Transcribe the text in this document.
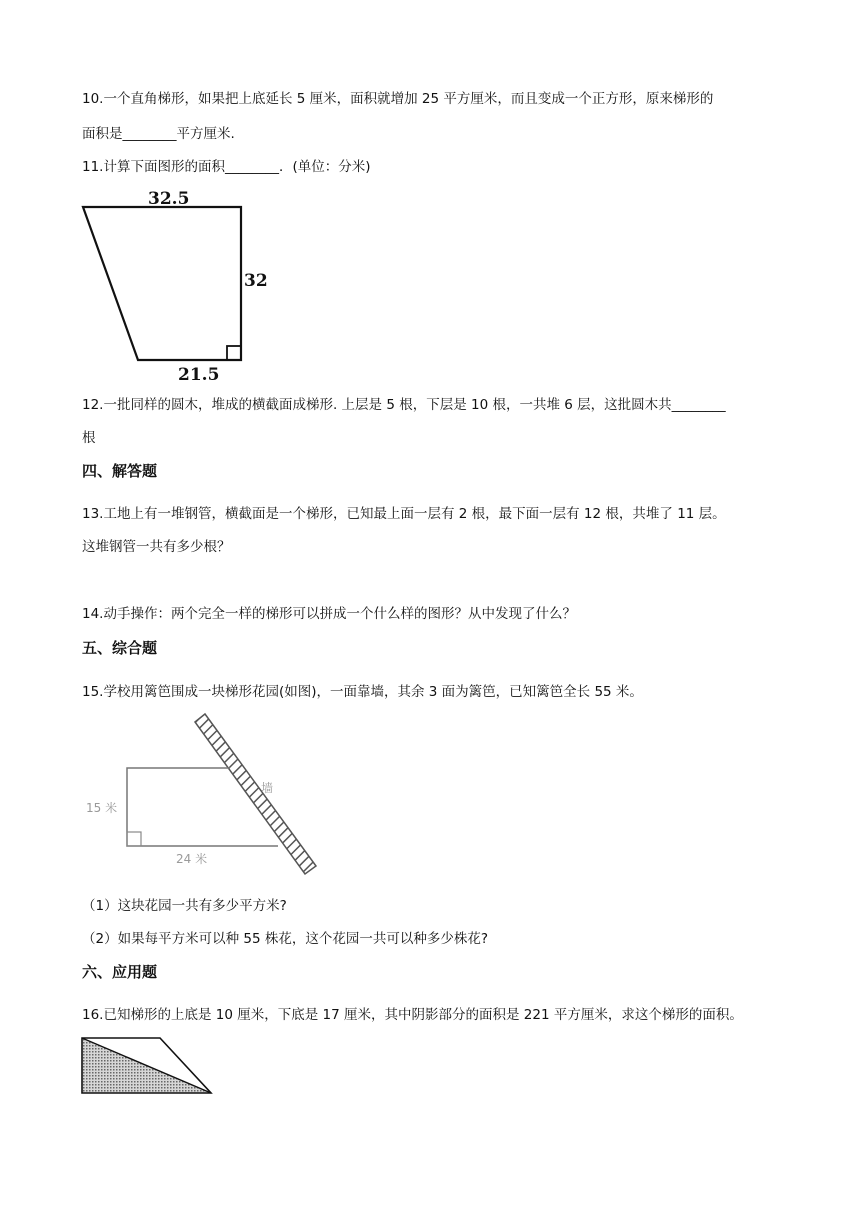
10.一个直角梯形，如果把上底延长 5 厘米，面积就增加 25 平方厘米，而且变成一个正方形，原来梯形的
面积是________平方厘米.
11.计算下面图形的面积________．(单位：分米)
32.5
32
21.5
12.一批同样的圆木，堆成的横截面成梯形. 上层是 5 根，下层是 10 根，一共堆 6 层，这批圆木共________
根
四、解答题
13.工地上有一堆钢管，横截面是一个梯形，已知最上面一层有 2 根，最下面一层有 12 根，共堆了 11 层。
这堆钢管一共有多少根？
14.动手操作：两个完全一样的梯形可以拼成一个什么样的图形？从中发现了什么？
五、综合题
15.学校用篱笆围成一块梯形花园(如图)，一面靠墙，其余 3 面为篱笆，已知篱笆全长 55 米。
15 米
24 米
墙
（1）这块花园一共有多少平方米?
（2）如果每平方米可以种 55 株花，这个花园一共可以种多少株花?
六、应用题
16.已知梯形的上底是 10 厘米，下底是 17 厘米，其中阴影部分的面积是 221 平方厘米，求这个梯形的面积。
